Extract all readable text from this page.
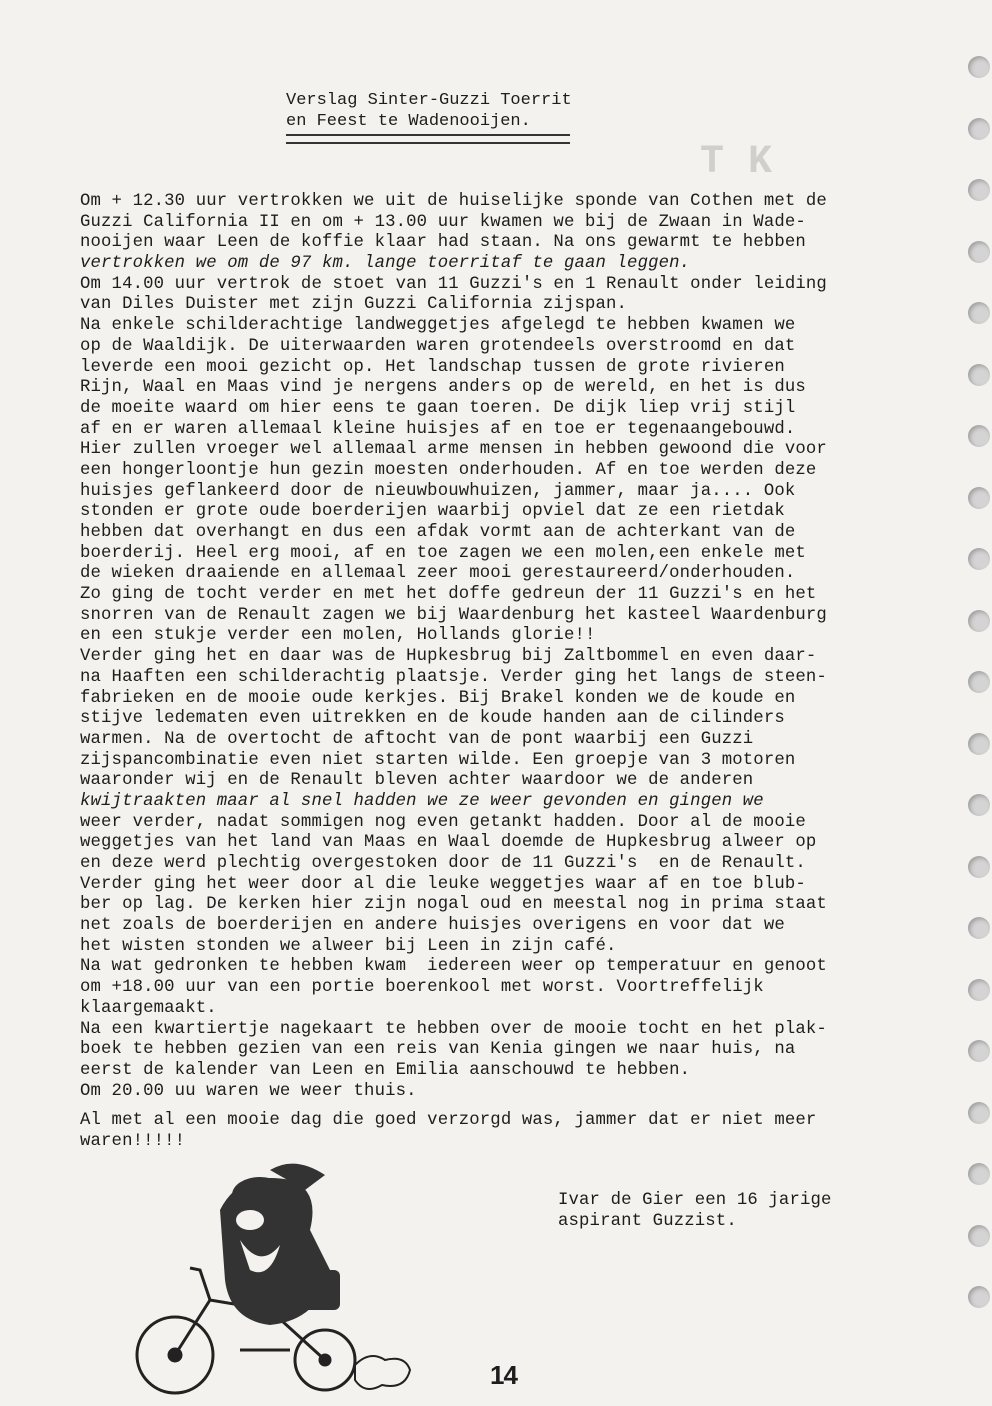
T K
Verslag Sinter-Guzzi Toerrit
en Feest te Wadenooijen.
Om + 12.30 uur vertrokken we uit de huiselijke sponde van Cothen met de
Guzzi California II en om + 13.00 uur kwamen we bij de Zwaan in Wade-
nooijen waar Leen de koffie klaar had staan. Na ons gewarmt te hebben
vertrokken we om de 97 km. lange toerritaf te gaan leggen.
Om 14.00 uur vertrok de stoet van 11 Guzzi's en 1 Renault onder leiding
van Diles Duister met zijn Guzzi California zijspan.
Na enkele schilderachtige landweggetjes afgelegd te hebben kwamen we
op de Waaldijk. De uiterwaarden waren grotendeels overstroomd en dat
leverde een mooi gezicht op. Het landschap tussen de grote rivieren
Rijn, Waal en Maas vind je nergens anders op de wereld, en het is dus
de moeite waard om hier eens te gaan toeren. De dijk liep vrij stijl
af en er waren allemaal kleine huisjes af en toe er tegenaangebouwd.
Hier zullen vroeger wel allemaal arme mensen in hebben gewoond die voor
een hongerloontje hun gezin moesten onderhouden. Af en toe werden deze
huisjes geflankeerd door de nieuwbouwhuizen, jammer, maar ja.... Ook
stonden er grote oude boerderijen waarbij opviel dat ze een rietdak
hebben dat overhangt en dus een afdak vormt aan de achterkant van de
boerderij. Heel erg mooi, af en toe zagen we een molen,een enkele met
de wieken draaiende en allemaal zeer mooi gerestaureerd/onderhouden.
Zo ging de tocht verder en met het doffe gedreun der 11 Guzzi's en het
snorren van de Renault zagen we bij Waardenburg het kasteel Waardenburg
en een stukje verder een molen, Hollands glorie!!
Verder ging het en daar was de Hupkesbrug bij Zaltbommel en even daar-
na Haaften een schilderachtig plaatsje. Verder ging het langs de steen-
fabrieken en de mooie oude kerkjes. Bij Brakel konden we de koude en
stijve ledematen even uitrekken en de koude handen aan de cilinders
warmen. Na de overtocht de aftocht van de pont waarbij een Guzzi
zijspancombinatie even niet starten wilde. Een groepje van 3 motoren
waaronder wij en de Renault bleven achter waardoor we de anderen
kwijtraakten maar al snel hadden we ze weer gevonden en gingen we
weer verder, nadat sommigen nog even getankt hadden. Door al de mooie
weggetjes van het land van Maas en Waal doemde de Hupkesbrug alweer op
en deze werd plechtig overgestoken door de 11 Guzzi's  en de Renault.
Verder ging het weer door al die leuke weggetjes waar af en toe blub-
ber op lag. De kerken hier zijn nogal oud en meestal nog in prima staat
net zoals de boerderijen en andere huisjes overigens en voor dat we
het wisten stonden we alweer bij Leen in zijn café.
Na wat gedronken te hebben kwam  iedereen weer op temperatuur en genoot
om +18.00 uur van een portie boerenkool met worst. Voortreffelijk
klaargemaakt.
Na een kwartiertje nagekaart te hebben over de mooie tocht en het plak-
boek te hebben gezien van een reis van Kenia gingen we naar huis, na
eerst de kalender van Leen en Emilia aanschouwd te hebben.
Om 20.00 uu waren we weer thuis.
Al met al een mooie dag die goed verzorgd was, jammer dat er niet meer
waren!!!!!
Ivar de Gier een 16 jarige
aspirant Guzzist.
14
